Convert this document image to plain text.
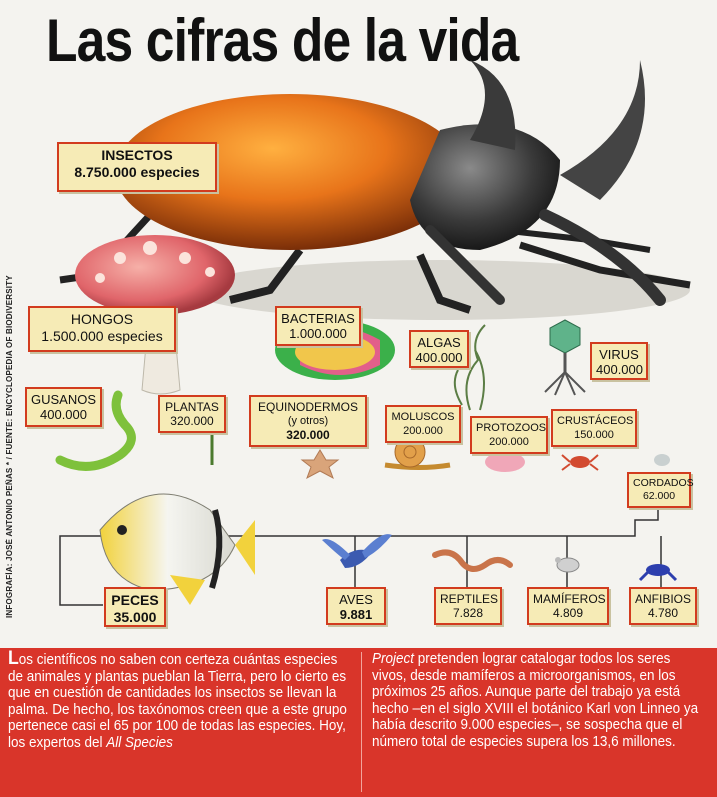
Las cifras de la vida
INFOGRAFÍA: JOSÉ ANTONIO PEÑAS * / FUENTE: ENCYCLOPEDIA OF BIODIVERSITY
INSECTOS
8.750.000 especies
HONGOS
1.500.000 especies
BACTERIAS
1.000.000
ALGAS
400.000	VIRUS
400.000
GUSANOS
400.000	PLANTAS
320.000
EQUINODERMOS
(y otros)
320.000
MOLUSCOS
200.000	PROTOZOOS
200.000
CRUSTÁCEOS
150.000
CORDADOS
62.000
PECES
35.000
AVES
9.881
REPTILES
7.828
MAMÍFEROS
4.809
ANFIBIOS
4.780

Los científicos no saben con certeza cuántas especies de animales y plantas pueblan la Tierra, pero lo cierto es que en cuestión de cantidades los insectos se llevan la palma. De hecho, los taxónomos creen que a este grupo pertenece casi el 65 por 100 de todas las especies. Hoy, los expertos del All Species

Project pretenden lograr catalogar todos los seres vivos, desde mamíferos a microorganismos, en los próximos 25 años. Aunque parte del trabajo ya está hecho –en el siglo XVIII el botánico Karl von Linneo ya había descrito 9.000 especies–, se sospecha que el número total de especies supera los 13,6 millones.
